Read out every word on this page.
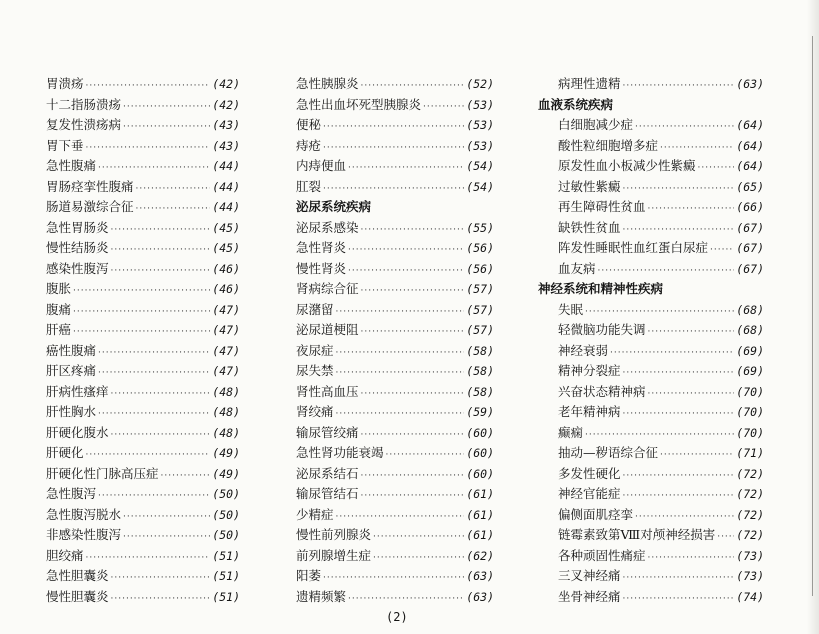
胃溃疡 ·····	(42)
十二指肠溃疡 ·····	(42)
复发性溃疡病 ·····	(43)
胃下垂 ·····	(43)
急性腹痛 ·····	(44)
胃肠痉挛性腹痛 ·····	(44)
肠道易激综合征 ·····	(44)
急性胃肠炎 ·····	(45)
慢性结肠炎 ·····	(45)
感染性腹泻 ·····	(46)
腹胀 ·····	(46)
腹痛 ·····	(47)
肝癌 ·····	(47)
癌性腹痛 ·····	(47)
肝区疼痛 ·····	(47)
肝病性瘙痒 ·····	(48)
肝性胸水 ·····	(48)
肝硬化腹水 ·····	(48)
肝硬化 ·····	(49)
肝硬化性门脉高压症 ·····	(49)
急性腹泻 ·····	(50)
急性腹泻脱水 ·····	(50)
非感染性腹泻 ·····	(50)
胆绞痛 ·····	(51)
急性胆囊炎 ·····	(51)
慢性胆囊炎 ·····	(51)
急性胰腺炎 ·····	(52)
急性出血坏死型胰腺炎 ·····	(53)
便秘 ·····	(53)
痔疮 ·····	(53)
内痔便血 ·····	(54)
肛裂 ·····	(54)
泌尿系统疾病
泌尿系感染 ·····	(55)
急性肾炎 ·····	(56)
慢性肾炎 ·····	(56)
肾病综合征 ·····	(57)
尿潴留 ·····	(57)
泌尿道梗阻 ·····	(57)
夜尿症 ·····	(58)
尿失禁 ·····	(58)
肾性高血压 ·····	(58)
肾绞痛 ·····	(59)
输尿管绞痛 ·····	(60)
急性肾功能衰竭 ·····	(60)
泌尿系结石 ·····	(60)
输尿管结石 ·····	(61)
少精症 ·····	(61)
慢性前列腺炎 ·····	(61)
前列腺增生症 ·····	(62)
阳萎 ·····	(63)
遗精频繁 ·····	(63)
病理性遗精 ·····	(63)
血液系统疾病
白细胞减少症 ·····	(64)
酸性粒细胞增多症 ·····	(64)
原发性血小板减少性紫癜 ·····	(64)
过敏性紫癜 ·····	(65)
再生障碍性贫血 ·····	(66)
缺铁性贫血 ·····	(67)
阵发性睡眠性血红蛋白尿症 ····· (67)
血友病 ·····	(67)
神经系统和精神性疾病
失眠 ·····	(68)
轻微脑功能失调 ·····	(68)
神经衰弱 ·····	(69)
精神分裂症 ·····	(69)
兴奋状态精神病 ·····	(70)
老年精神病 ·····	(70)
癫痫 ·····	(70)
抽动—秽语综合征 ·····	(71)
多发性硬化 ·····	(72)
神经官能症 ·····	(72)
偏侧面肌痉挛 ·····	(72)
链霉素致第Ⅷ对颅神经损害 ····· (72)
各种顽固性痛症 ·····	(73)
三叉神经痛 ·····	(73)
坐骨神经痛 ·····	(74)
(2)
